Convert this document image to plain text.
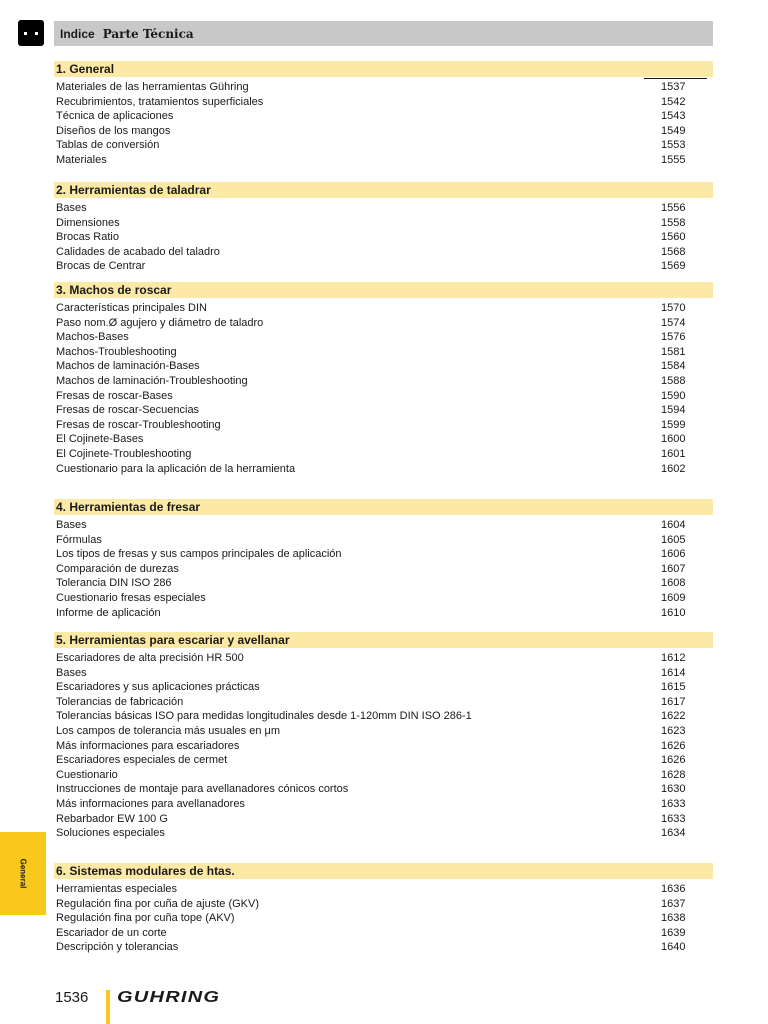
Indice Parte Técnica
1. General
Materiales de las herramientas Gühring	1537
Recubrimientos, tratamientos superficiales	1542
Técnica de aplicaciones	1543
Diseños de los mangos	1549
Tablas de conversión	1553
Materiales	1555
2. Herramientas de taladrar
Bases	1556
Dimensiones	1558
Brocas Ratio	1560
Calidades de acabado del taladro	1568
Brocas de Centrar	1569
3. Machos de roscar
Características principales DIN	1570
Paso nom.Ø agujero y diámetro de taladro	1574
Machos-Bases	1576
Machos-Troubleshooting	1581
Machos de laminación-Bases	1584
Machos de laminación-Troubleshooting	1588
Fresas de roscar-Bases	1590
Fresas de roscar-Secuencias	1594
Fresas de roscar-Troubleshooting	1599
El Cojinete-Bases	1600
El Cojinete-Troubleshooting	1601
Cuestionario para la aplicación de la herramienta	1602
4. Herramientas de fresar
Bases	1604
Fórmulas	1605
Los tipos de fresas y sus campos principales de aplicación	1606
Comparación de durezas	1607
Tolerancia DIN ISO 286	1608
Cuestionario fresas especiales	1609
Informe de aplicación	1610
5. Herramientas para escariar y avellanar
Escariadores de alta precisión HR 500	1612
Bases	1614
Escariadores y sus aplicaciones prácticas	1615
Tolerancias de fabricación	1617
Tolerancias básicas ISO para medidas longitudinales desde 1-120mm DIN ISO 286-1	1622
Los campos de tolerancia más usuales en μm	1623
Más informaciones para escariadores	1626
Escariadores especiales de cermet	1626
Cuestionario	1628
Instrucciones de montaje para avellanadores cónicos cortos	1630
Más informaciones para avellanadores	1633
Rebarbador EW 100 G	1633
Soluciones especiales	1634
6. Sistemas modulares de htas.
Herramientas especiales	1636
Regulación fina por cuña de ajuste (GKV)	1637
Regulación fina por cuña tope (AKV)	1638
Escariador de un corte	1639
Descripción y tolerancias	1640
General
1536 GUHRING
